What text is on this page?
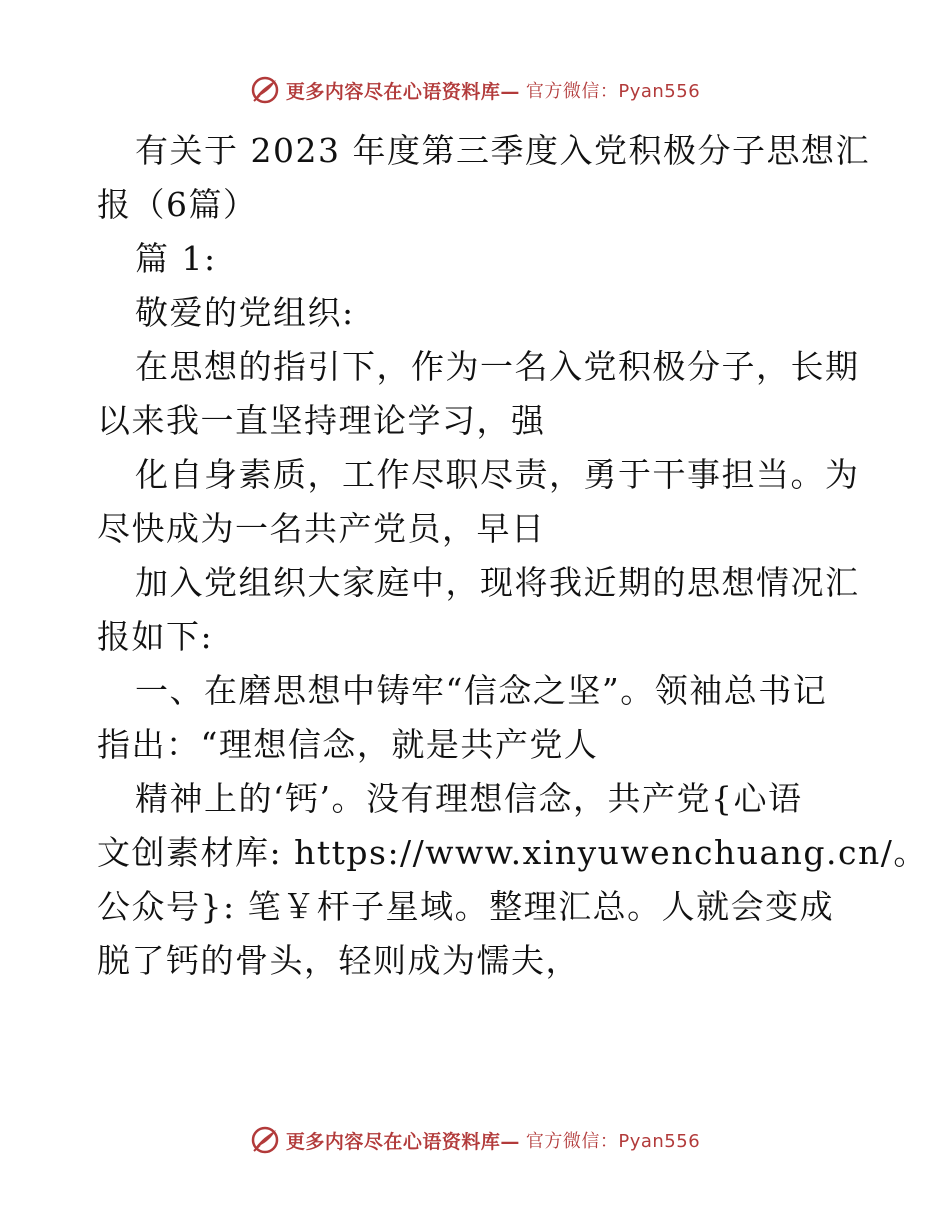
更多内容尽在心语资料库— 官方微信：Pyan556
有关于 2023 年度第三季度入党积极分子思想汇
报（6篇）
篇 1:
敬爱的党组织:
在思想的指引下，作为一名入党积极分子，长期
以来我一直坚持理论学习，强
化自身素质，工作尽职尽责，勇于干事担当。为
尽快成为一名共产党员，早日
加入党组织大家庭中，现将我近期的思想情况汇
报如下:
一、在磨思想中铸牢“信念之坚”。领袖总书记
指出：“理想信念，就是共产党人
精神上的‘钙’。没有理想信念，共产党{心语
文创素材库: https://www.xinyuwenchuang.cn/。
公众号}: 笔￥杆子星域。整理汇总。人就会变成
脱了钙的骨头，轻则成为懦夫，
更多内容尽在心语资料库— 官方微信：Pyan556
